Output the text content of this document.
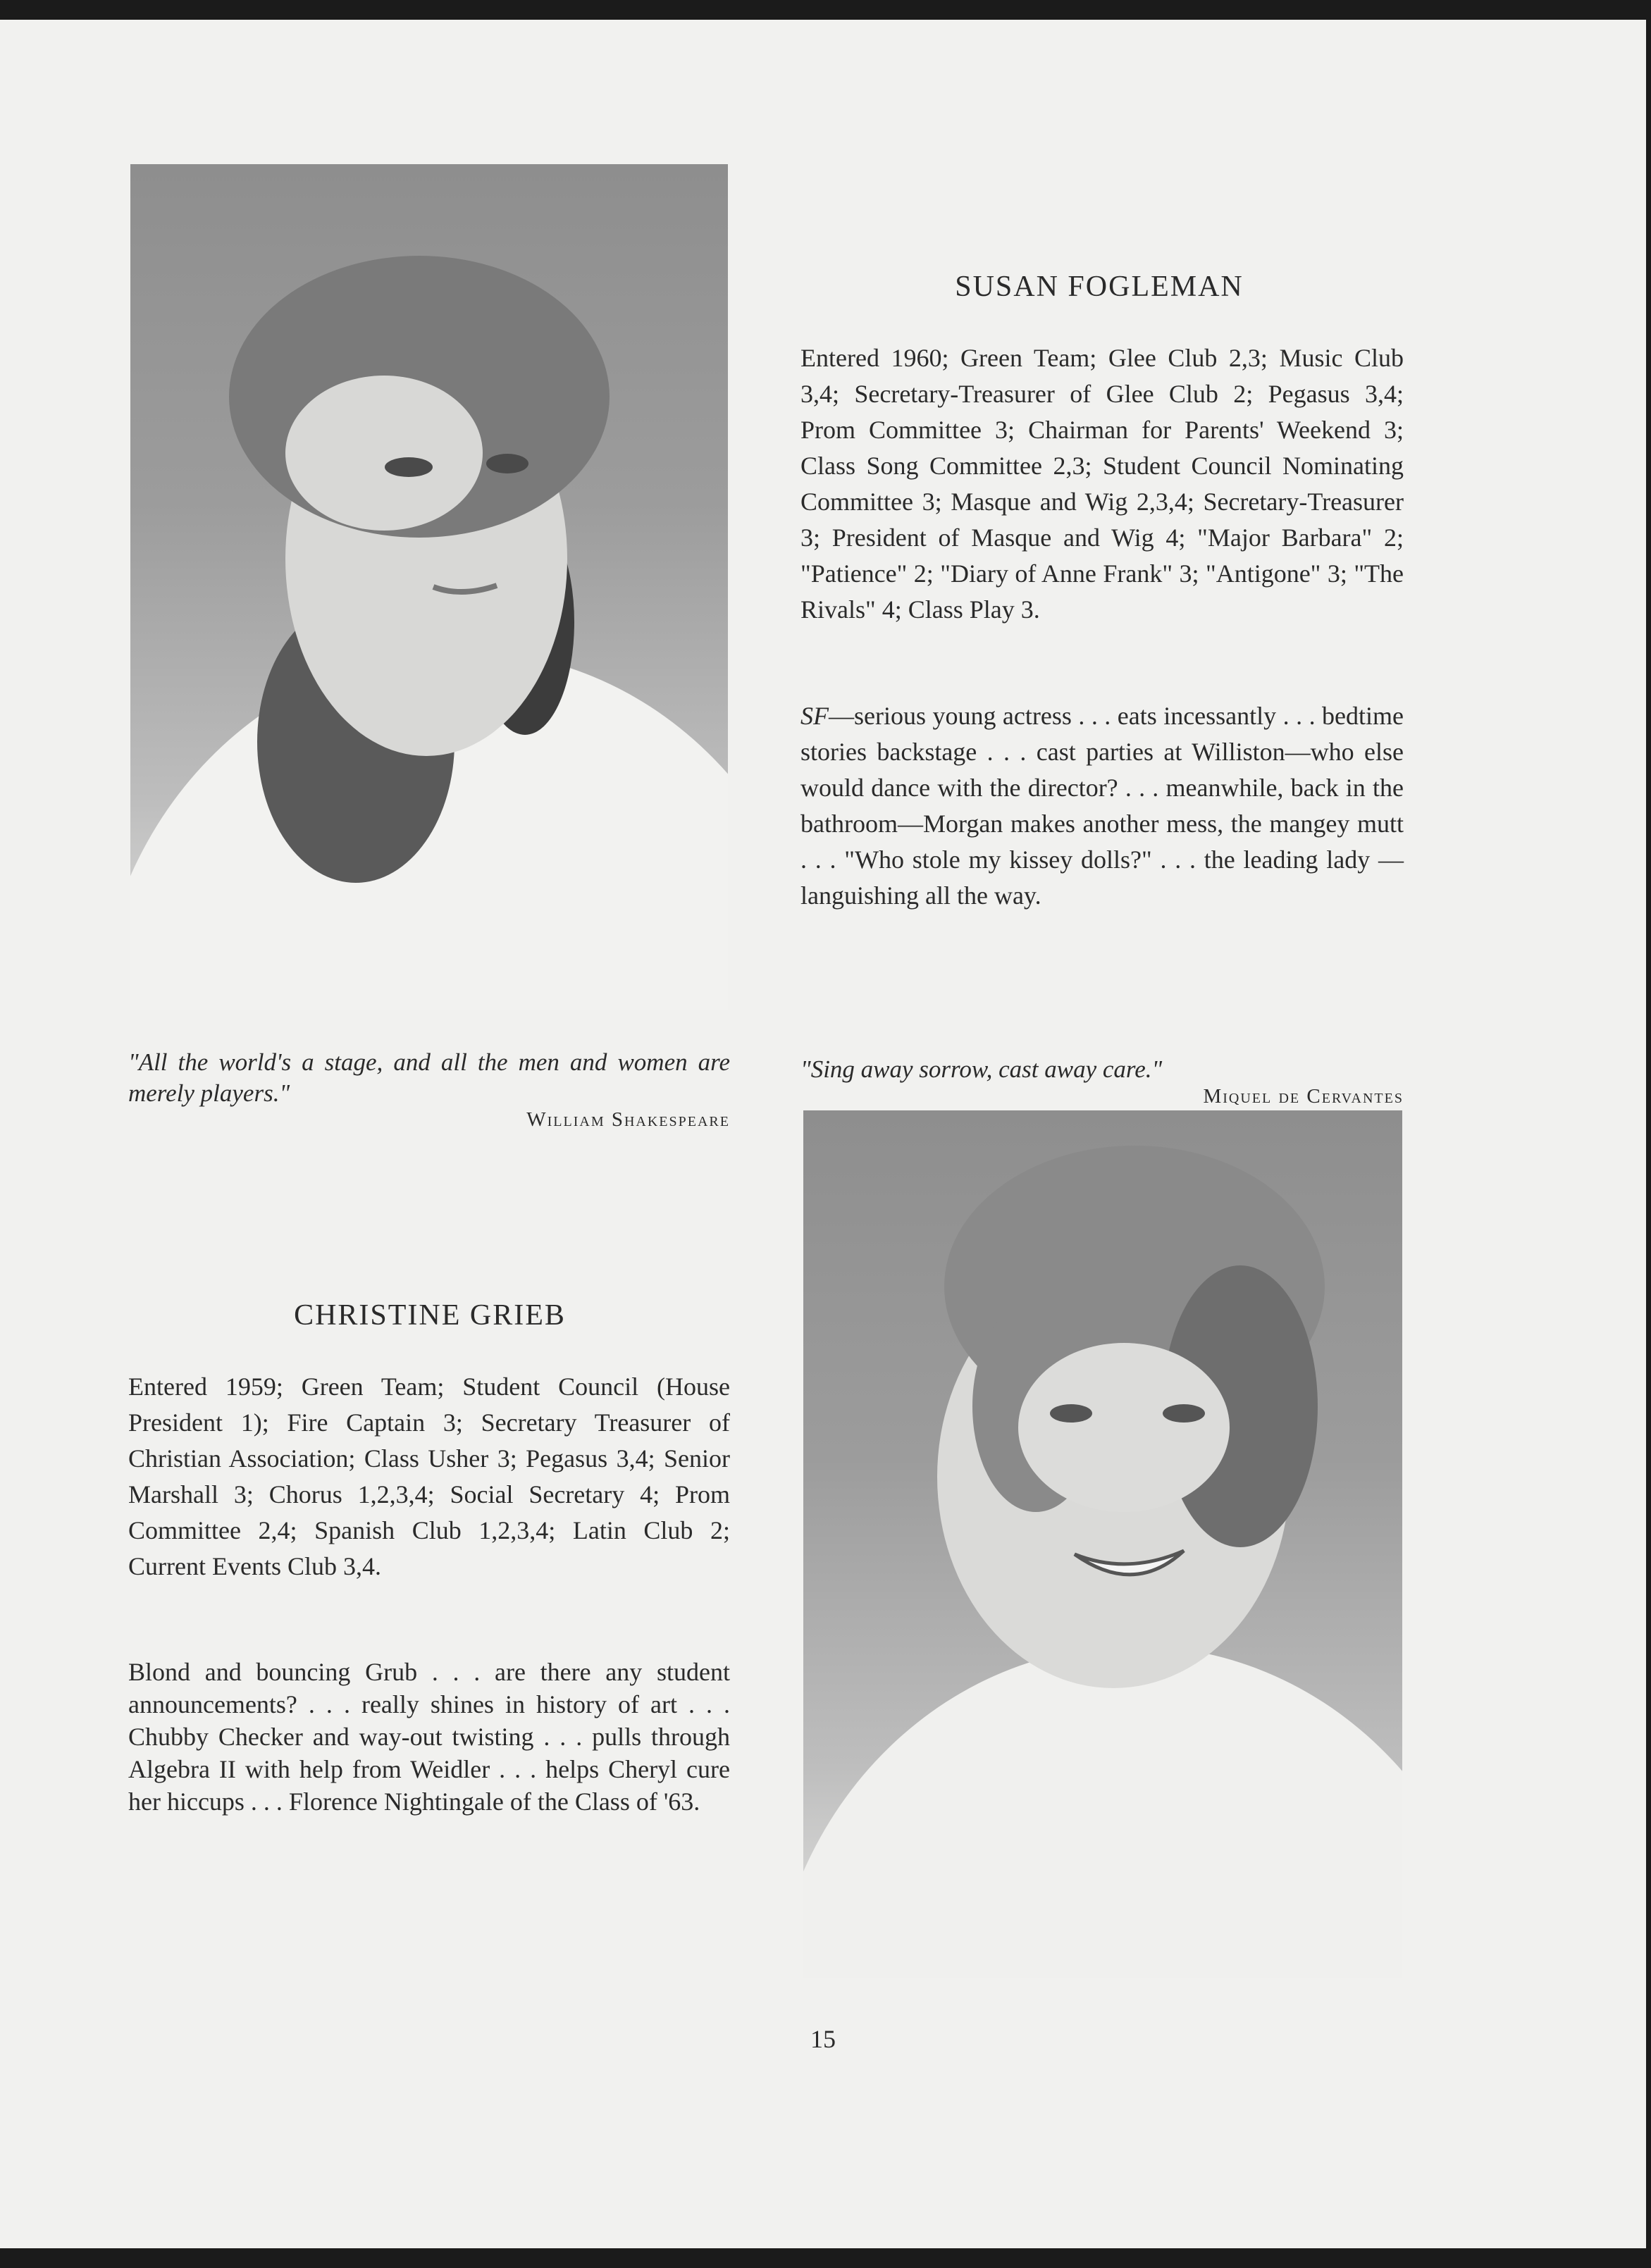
SUSAN FOGLEMAN

Entered 1960; Green Team; Glee Club 2,3; Music Club 3,4; Secretary-Treasurer of Glee Club 2; Pegasus 3,4; Prom Committee 3; Chairman for Parents' Weekend 3; Class Song Committee 2,3; Student Council Nominating Committee 3; Masque and Wig 2,3,4; Secretary-Treasurer 3; President of Masque and Wig 4; "Major Barbara" 2; "Patience" 2; "Diary of Anne Frank" 3; "Antigone" 3; "The Rivals" 4; Class Play 3.

SF—serious young actress . . . eats incessantly . . . bedtime stories backstage . . . cast parties at Williston—who else would dance with the director? . . . meanwhile, back in the bathroom—Morgan makes another mess, the mangey mutt . . . "Who stole my kissey dolls?" . . . the leading lady —languishing all the way.

"All the world's a stage, and all the men and women are merely players."

William Shakespeare

"Sing away sorrow, cast away care."

Miquel de Cervantes

CHRISTINE GRIEB

Entered 1959; Green Team; Student Council (House President 1); Fire Captain 3; Secretary Treasurer of Christian Association; Class Usher 3; Pegasus 3,4; Senior Marshall 3; Chorus 1,2,3,4; Social Secretary 4; Prom Committee 2,4; Spanish Club 1,2,3,4; Latin Club 2; Current Events Club 3,4.

Blond and bouncing Grub . . . are there any student announcements? . . . really shines in history of art . . . Chubby Checker and way-out twisting . . . pulls through Algebra II with help from Weidler . . . helps Cheryl cure her hiccups . . . Florence Nightingale of the Class of '63.

15
